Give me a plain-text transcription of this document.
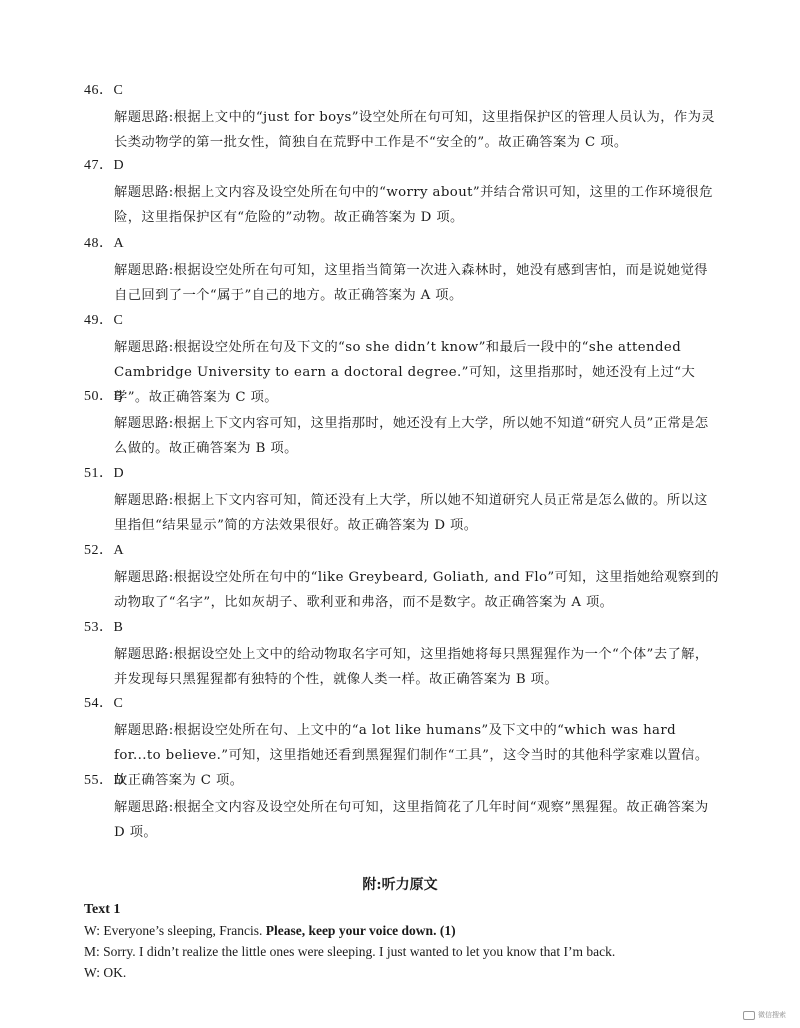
46．C
解题思路:根据上文中的“just for boys”设空处所在句可知，这里指保护区的管理人员认为，作为灵长类动物学的第一批女性，简独自在荒野中工作是不“安全的”。故正确答案为 C 项。
47．D
解题思路:根据上文内容及设空处所在句中的“worry about”并结合常识可知，这里的工作环境很危险，这里指保护区有“危险的”动物。故正确答案为 D 项。
48．A
解题思路:根据设空处所在句可知，这里指当简第一次进入森林时，她没有感到害怕，而是说她觉得自己回到了一个“属于”自己的地方。故正确答案为 A 项。
49．C
解题思路:根据设空处所在句及下文的“so she didn’t know”和最后一段中的“she attended Cambridge University to earn a doctoral degree.”可知，这里指那时，她还没有上过“大学”。故正确答案为 C 项。
50．B
解题思路:根据上下文内容可知，这里指那时，她还没有上大学，所以她不知道“研究人员”正常是怎么做的。故正确答案为 B 项。
51．D
解题思路:根据上下文内容可知，简还没有上大学，所以她不知道研究人员正常是怎么做的。所以这里指但“结果显示”简的方法效果很好。故正确答案为 D 项。
52．A
解题思路:根据设空处所在句中的“like Greybeard, Goliath, and Flo”可知，这里指她给观察到的动物取了“名字”，比如灰胡子、歌利亚和弗洛，而不是数字。故正确答案为 A 项。
53．B
解题思路:根据设空处上文中的给动物取名字可知，这里指她将每只黑猩猩作为一个“个体”去了解，并发现每只黑猩猩都有独特的个性，就像人类一样。故正确答案为 B 项。
54．C
解题思路:根据设空处所在句、上文中的“a lot like humans”及下文中的“which was hard for...to believe.”可知，这里指她还看到黑猩猩们制作“工具”，这令当时的其他科学家难以置信。故正确答案为 C 项。
55．D
解题思路:根据全文内容及设空处所在句可知，这里指简花了几年时间“观察”黑猩猩。故正确答案为 D 项。
附:听力原文
Text 1
W: Everyone’s sleeping, Francis. Please, keep your voice down. (1)
M: Sorry. I didn’t realize the little ones were sleeping. I just wanted to let you know that I’m back.
W: OK.
微信搜索
